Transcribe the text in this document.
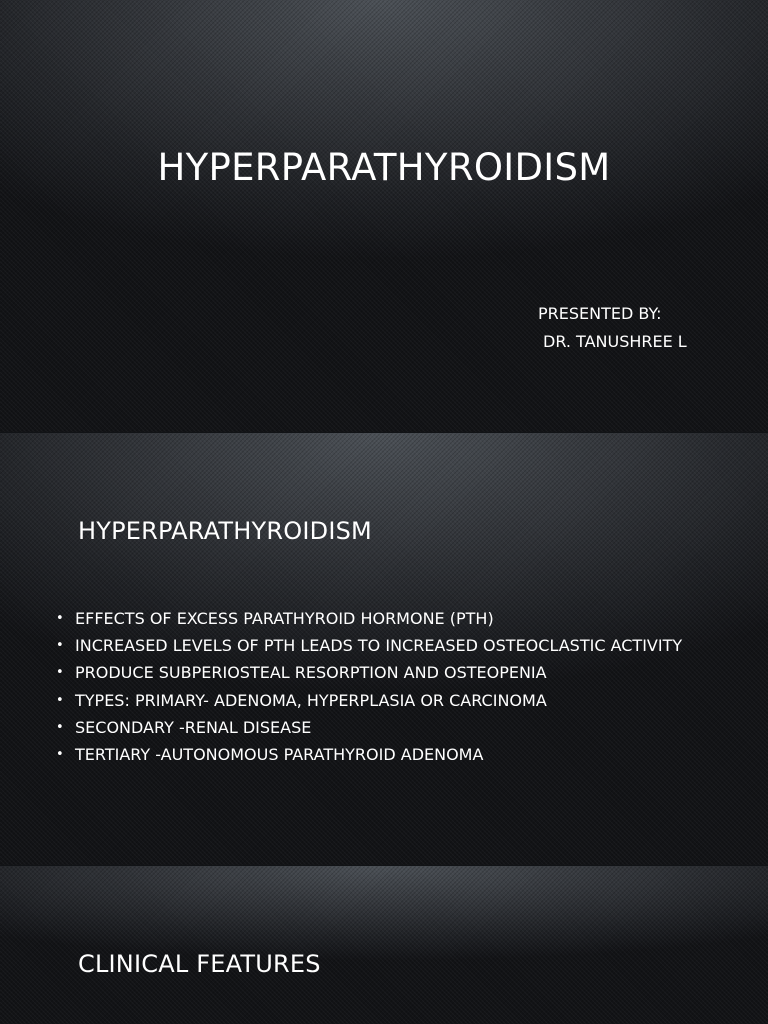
HYPERPARATHYROIDISM
PRESENTED BY:
DR. TANUSHREE L
HYPERPARATHYROIDISM
• EFFECTS OF EXCESS PARATHYROID HORMONE (PTH)
• INCREASED LEVELS OF PTH LEADS TO INCREASED OSTEOCLASTIC ACTIVITY
• PRODUCE SUBPERIOSTEAL RESORPTION AND OSTEOPENIA
• TYPES: PRIMARY- ADENOMA, HYPERPLASIA OR CARCINOMA
• SECONDARY -RENAL DISEASE
• TERTIARY -AUTONOMOUS PARATHYROID ADENOMA
CLINICAL FEATURES
